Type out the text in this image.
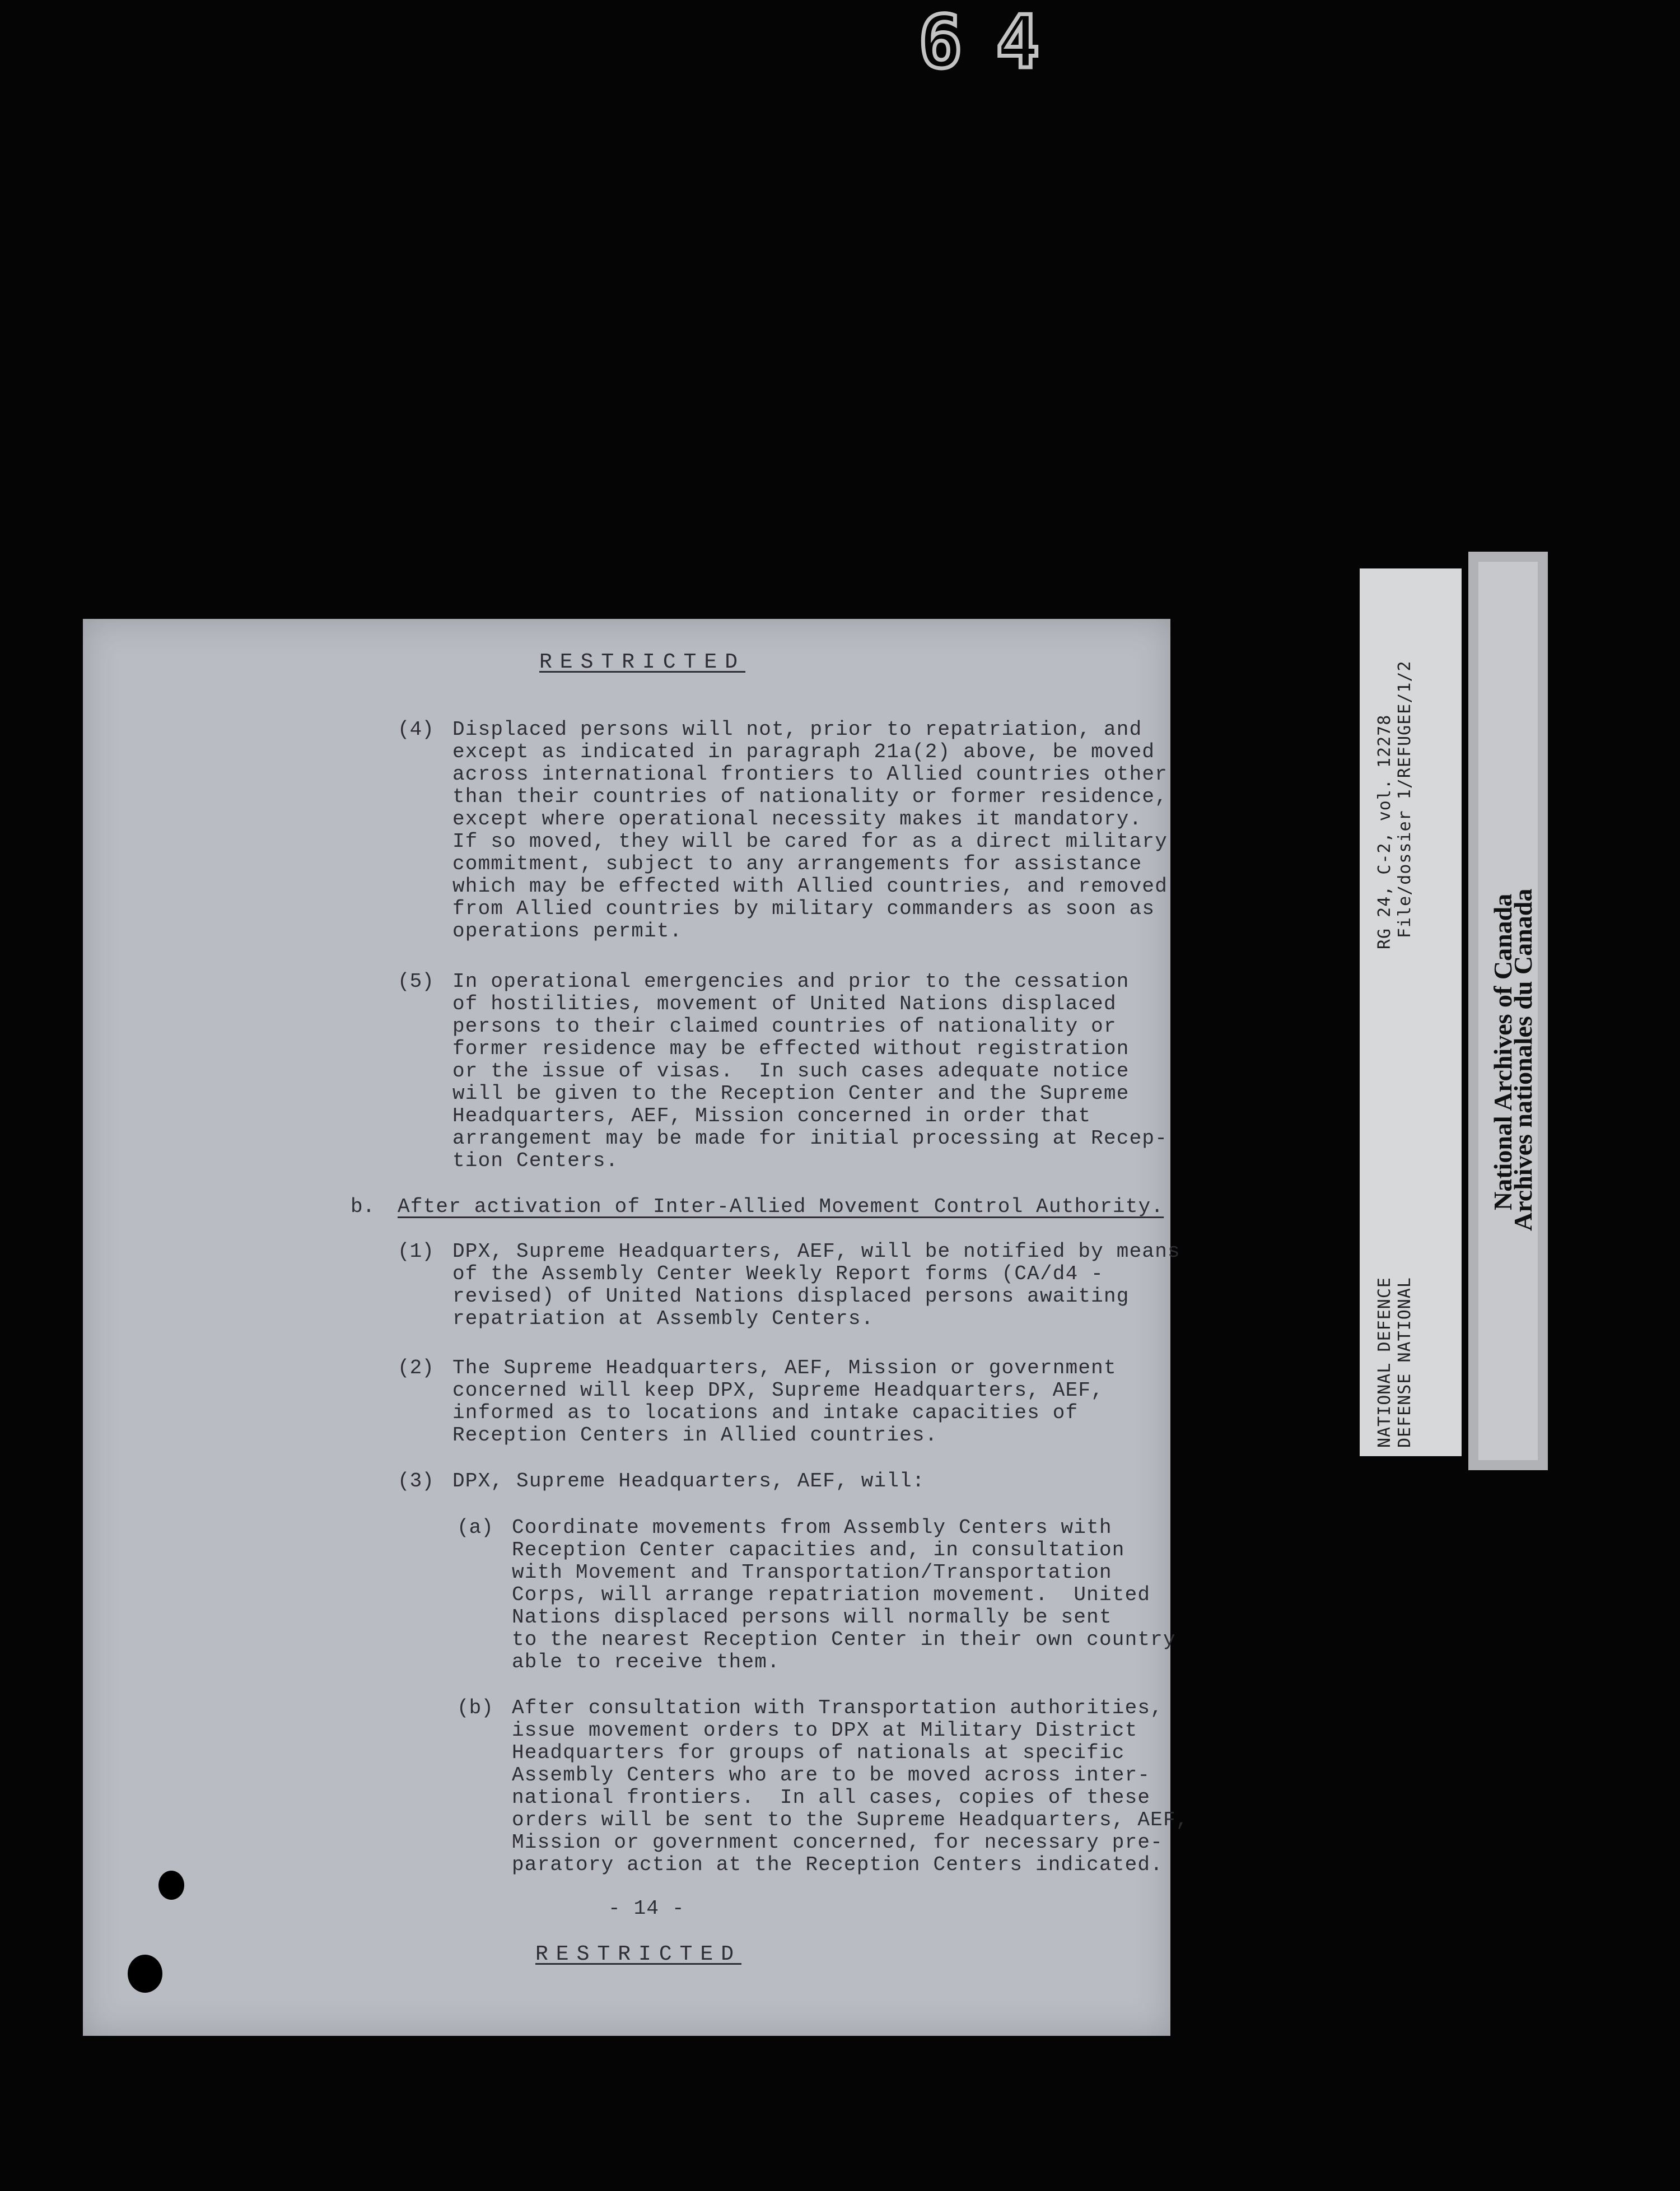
64
RESTRICTED
(4) Displaced persons will not, prior to repatriation, and
except as indicated in paragraph 21a(2) above, be moved
across international frontiers to Allied countries other
than their countries of nationality or former residence,
except where operational necessity makes it mandatory.
If so moved, they will be cared for as a direct military
commitment, subject to any arrangements for assistance
which may be effected with Allied countries, and removed
from Allied countries by military commanders as soon as
operations permit.
(5) In operational emergencies and prior to the cessation
of hostilities, movement of United Nations displaced
persons to their claimed countries of nationality or
former residence may be effected without registration
or the issue of visas.  In such cases adequate notice
will be given to the Reception Center and the Supreme
Headquarters, AEF, Mission concerned in order that
arrangement may be made for initial processing at Recep-
tion Centers.
b. After activation of Inter-Allied Movement Control Authority.
(1) DPX, Supreme Headquarters, AEF, will be notified by means
of the Assembly Center Weekly Report forms (CA/d4 -
revised) of United Nations displaced persons awaiting
repatriation at Assembly Centers.
(2) The Supreme Headquarters, AEF, Mission or government
concerned will keep DPX, Supreme Headquarters, AEF,
informed as to locations and intake capacities of
Reception Centers in Allied countries.
(3) DPX, Supreme Headquarters, AEF, will:
(a) Coordinate movements from Assembly Centers with
Reception Center capacities and, in consultation
with Movement and Transportation/Transportation
Corps, will arrange repatriation movement.  United
Nations displaced persons will normally be sent
to the nearest Reception Center in their own country
able to receive them.
(b) After consultation with Transportation authorities,
issue movement orders to DPX at Military District
Headquarters for groups of nationals at specific
Assembly Centers who are to be moved across inter-
national frontiers.  In all cases, copies of these
orders will be sent to the Supreme Headquarters, AEF,
Mission or government concerned, for necessary pre-
paratory action at the Reception Centers indicated.
- 14 -
RESTRICTED
RG 24, C-2, vol. 12278 File/dossier 1/REFUGEE/1/2
NATIONAL DEFENCE DEFENSE NATIONAL
National Archives of Canada
Archives nationales du Canada
